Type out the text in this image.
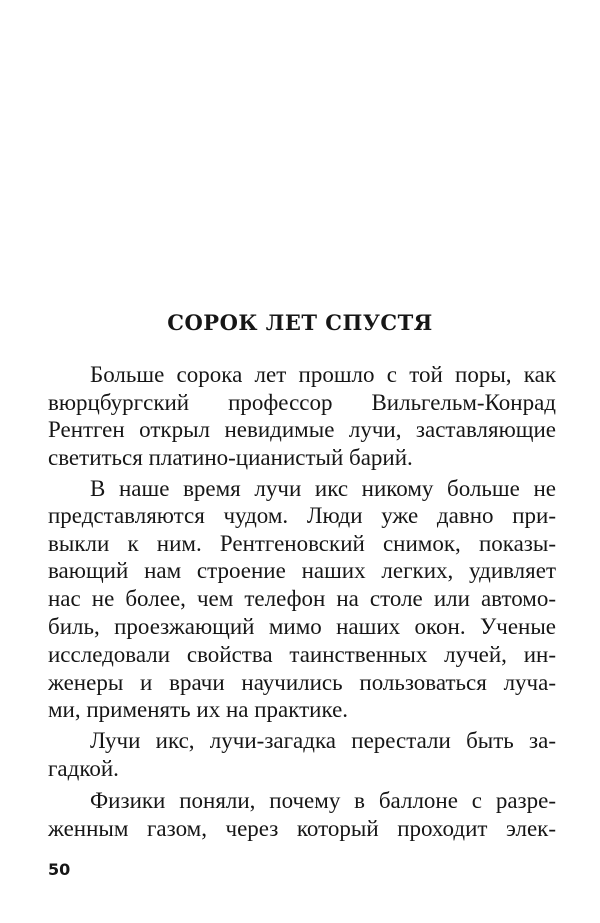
СОРОК ЛЕТ СПУСТЯ
Больше сорока лет прошло с той поры, как
вюрцбургский профессор Вильгельм-Конрад
Рентген открыл невидимые лучи, заставляющие
светиться платино-цианистый барий.
В наше время лучи икс никому больше не
представляются чудом. Люди уже давно при-
выкли к ним. Рентгеновский снимок, показы-
вающий нам строение наших легких, удивляет
нас не более, чем телефон на столе или автомо-
биль, проезжающий мимо наших окон. Ученые
исследовали свойства таинственных лучей, ин-
женеры и врачи научились пользоваться луча-
ми, применять их на практике.
Лучи икс, лучи-загадка перестали быть за-
гадкой.
Физики поняли, почему в баллоне с разре-
женным газом, через который проходит элек-
50
